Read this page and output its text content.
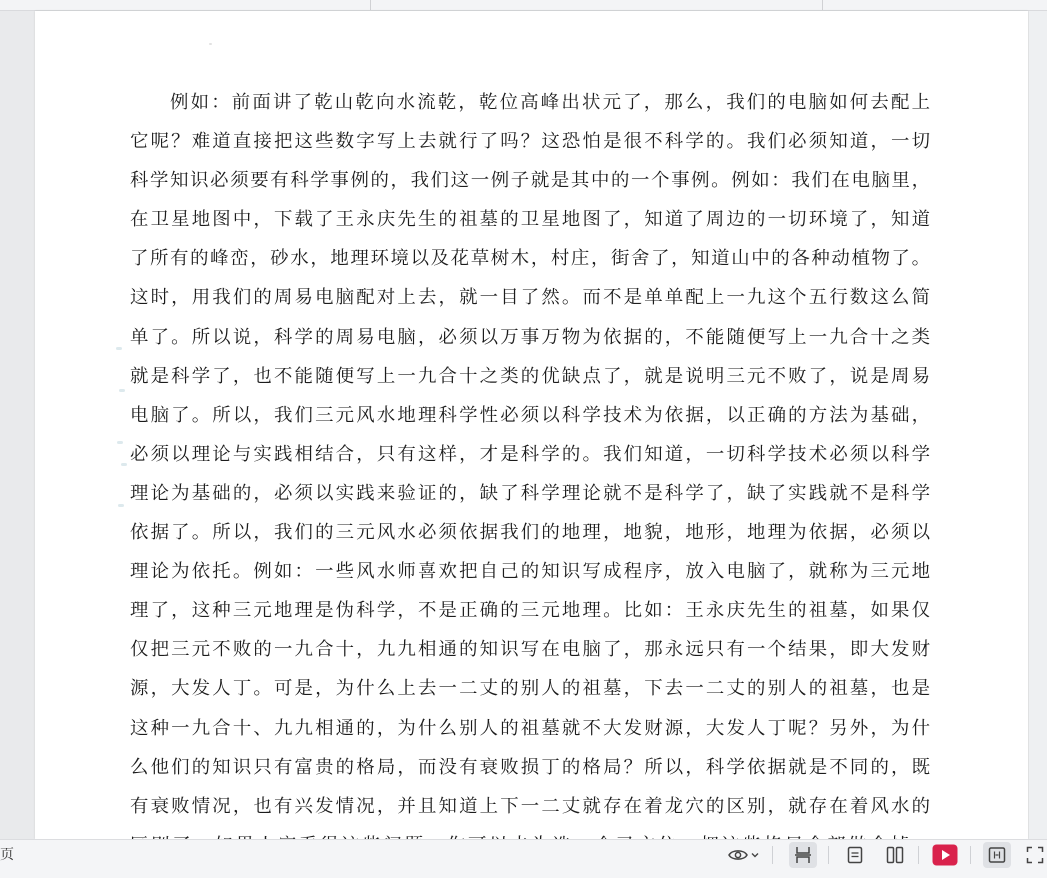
例如：前面讲了乾山乾向水流乾，乾位高峰出状元了，那么，我们的电脑如何去配上
它呢？难道直接把这些数字写上去就行了吗？这恐怕是很不科学的。我们必须知道，一切
科学知识必须要有科学事例的，我们这一例子就是其中的一个事例。例如：我们在电脑里，
在卫星地图中，下载了王永庆先生的祖墓的卫星地图了，知道了周边的一切环境了，知道
了所有的峰峦，砂水，地理环境以及花草树木，村庄，街舍了，知道山中的各种动植物了。
这时，用我们的周易电脑配对上去，就一目了然。而不是单单配上一九这个五行数这么简
单了。所以说，科学的周易电脑，必须以万事万物为依据的，不能随便写上一九合十之类
就是科学了，也不能随便写上一九合十之类的优缺点了，就是说明三元不败了，说是周易
电脑了。所以，我们三元风水地理科学性必须以科学技术为依据，以正确的方法为基础，
必须以理论与实践相结合，只有这样，才是科学的。我们知道，一切科学技术必须以科学
理论为基础的，必须以实践来验证的，缺了科学理论就不是科学了，缺了实践就不是科学
依据了。所以，我们的三元风水必须依据我们的地理，地貌，地形，地理为依据，必须以
理论为依托。例如：一些风水师喜欢把自己的知识写成程序，放入电脑了，就称为三元地
理了，这种三元地理是伪科学，不是正确的三元地理。比如：王永庆先生的祖墓，如果仅
仅把三元不败的一九合十，九九相通的知识写在电脑了，那永远只有一个结果，即大发财
源，大发人丁。可是，为什么上去一二丈的别人的祖墓，下去一二丈的别人的祖墓，也是
这种一九合十、九九相通的，为什么别人的祖墓就不大发财源，大发人丁呢？另外，为什
么他们的知识只有富贵的格局，而没有衰败损丁的格局？所以，科学依据就是不同的，既
有衰败情况，也有兴发情况，并且知道上下一二丈就存在着龙穴的区别，就存在着风水的
页
